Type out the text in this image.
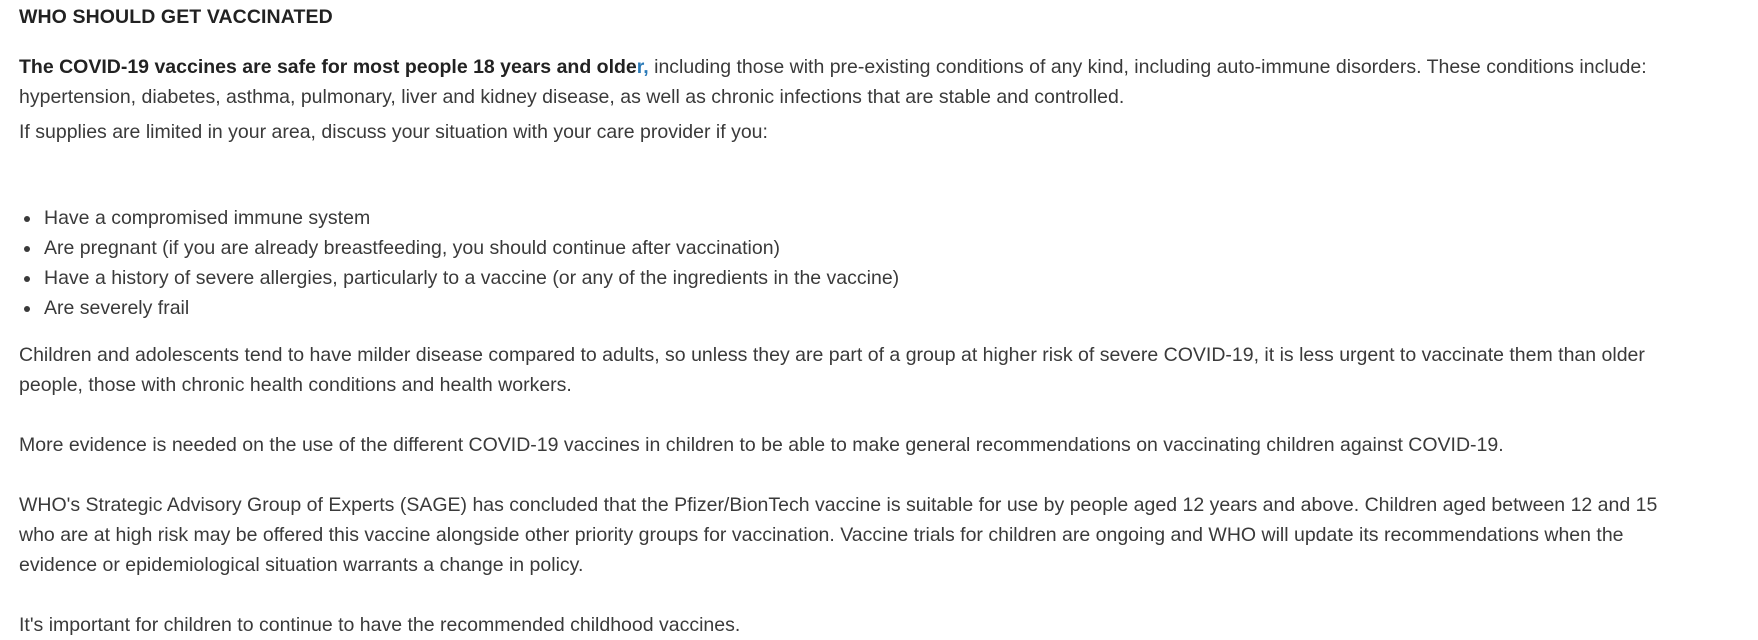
WHO SHOULD GET VACCINATED

The COVID-19 vaccines are safe for most people 18 years and older, including those with pre-existing conditions of any kind, including auto-immune disorders. These conditions include: hypertension, diabetes, asthma, pulmonary, liver and kidney disease, as well as chronic infections that are stable and controlled.

If supplies are limited in your area, discuss your situation with your care provider if you:

Have a compromised immune system
Are pregnant (if you are already breastfeeding, you should continue after vaccination)
Have a history of severe allergies, particularly to a vaccine (or any of the ingredients in the vaccine)
Are severely frail

Children and adolescents tend to have milder disease compared to adults, so unless they are part of a group at higher risk of severe COVID-19, it is less urgent to vaccinate them than older people, those with chronic health conditions and health workers.

More evidence is needed on the use of the different COVID-19 vaccines in children to be able to make general recommendations on vaccinating children against COVID-19.

WHO's Strategic Advisory Group of Experts (SAGE) has concluded that the Pfizer/BionTech vaccine is suitable for use by people aged 12 years and above. Children aged between 12 and 15 who are at high risk may be offered this vaccine alongside other priority groups for vaccination. Vaccine trials for children are ongoing and WHO will update its recommendations when the evidence or epidemiological situation warrants a change in policy.

It's important for children to continue to have the recommended childhood vaccines.
